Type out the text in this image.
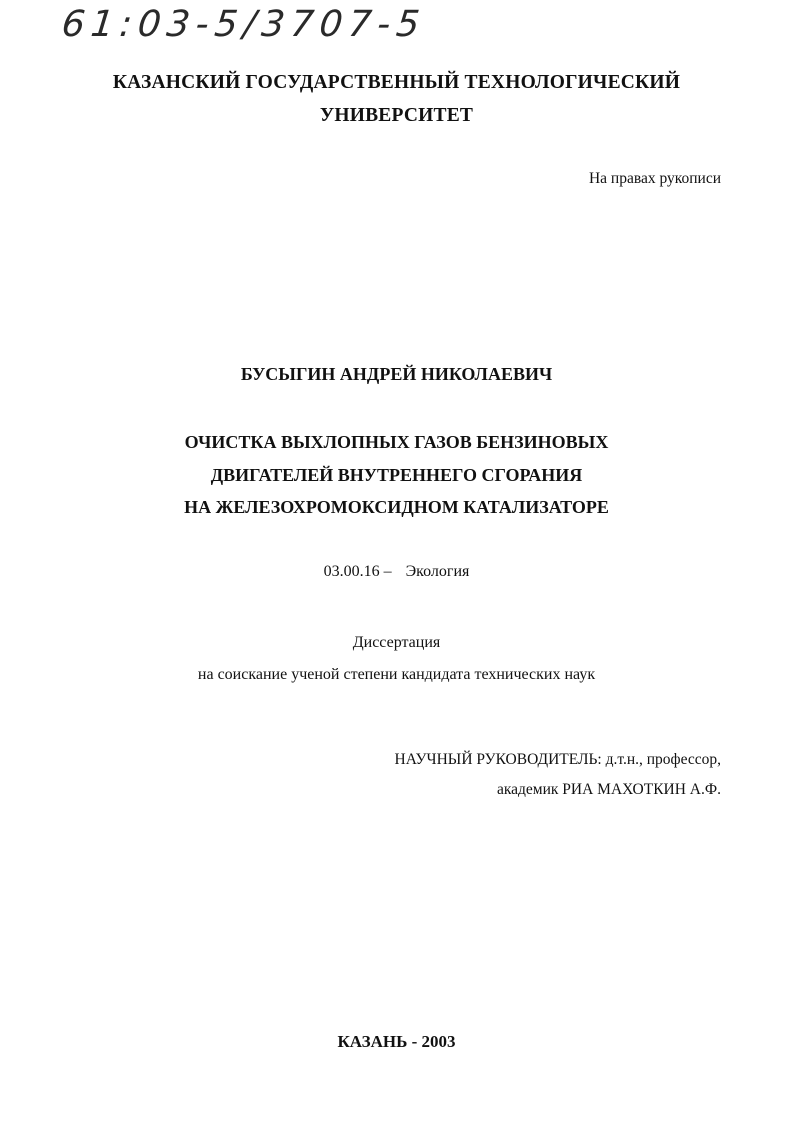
61:03-5/3707-5
КАЗАНСКИЙ ГОСУДАРСТВЕННЫЙ ТЕХНОЛОГИЧЕСКИЙ
УНИВЕРСИТЕТ
На правах рукописи
БУСЫГИН АНДРЕЙ НИКОЛАЕВИЧ
ОЧИСТКА ВЫХЛОПНЫХ ГАЗОВ БЕНЗИНОВЫХ
ДВИГАТЕЛЕЙ ВНУТРЕННЕГО СГОРАНИЯ
НА ЖЕЛЕЗОХРОМОКСИДНОМ КАТАЛИЗАТОРЕ
03.00.16 – Экология
Диссертация
на соискание ученой степени кандидата технических наук
НАУЧНЫЙ РУКОВОДИТЕЛЬ: д.т.н., профессор,
академик РИА МАХОТКИН А.Ф.
КАЗАНЬ - 2003
